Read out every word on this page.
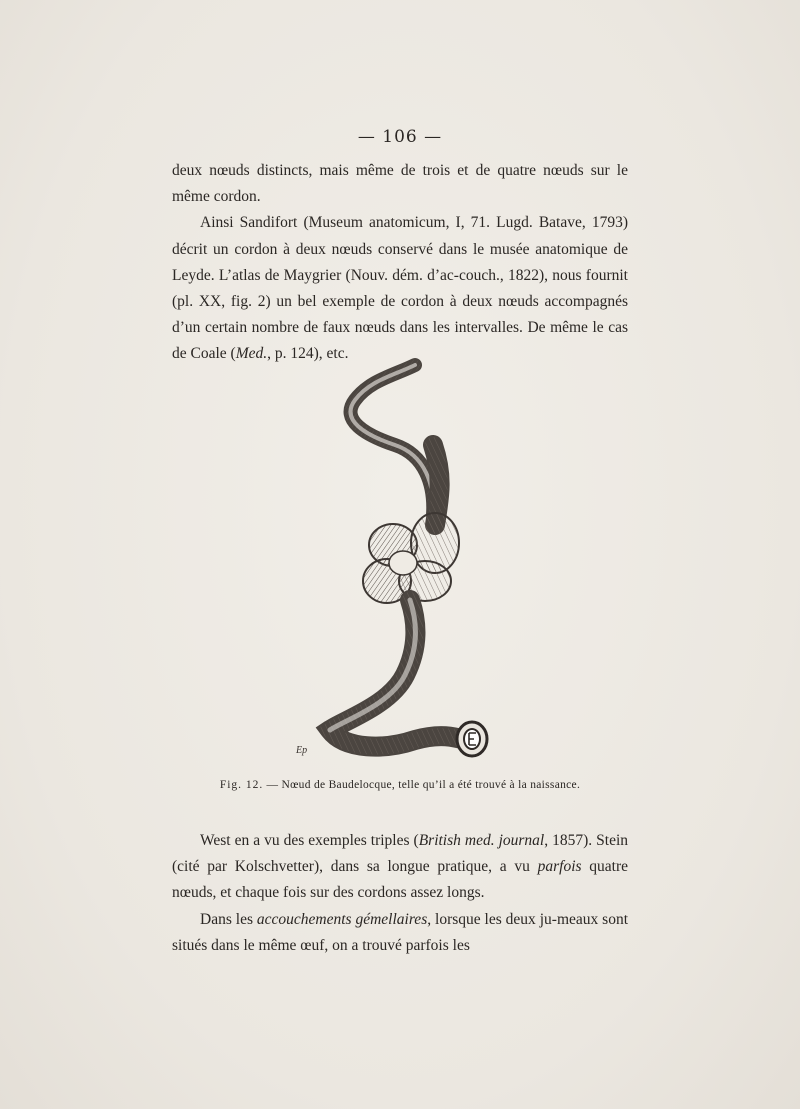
— 106 —

deux nœuds distincts, mais même de trois et de quatre nœuds sur le même cordon.

Ainsi Sandifort (Museum anatomicum, I, 71. Lugd. Batave, 1793) décrit un cordon à deux nœuds conservé dans le musée anatomique de Leyde. L’atlas de Maygrier (Nouv. dém. d’ac-couch., 1822), nous fournit (pl. XX, fig. 2) un bel exemple de cordon à deux nœuds accompagnés d’un certain nombre de faux nœuds dans les intervalles. De même le cas de Coale (Med., p. 124), etc.

Ep
Fig. 12. — Nœud de Baudelocque, telle qu’il a été trouvé à la naissance.

West en a vu des exemples triples (British med. journal, 1857). Stein (cité par Kolschvetter), dans sa longue pratique, a vu parfois quatre nœuds, et chaque fois sur des cordons assez longs.

Dans les accouchements gémellaires, lorsque les deux ju-meaux sont situés dans le même œuf, on a trouvé parfois les
